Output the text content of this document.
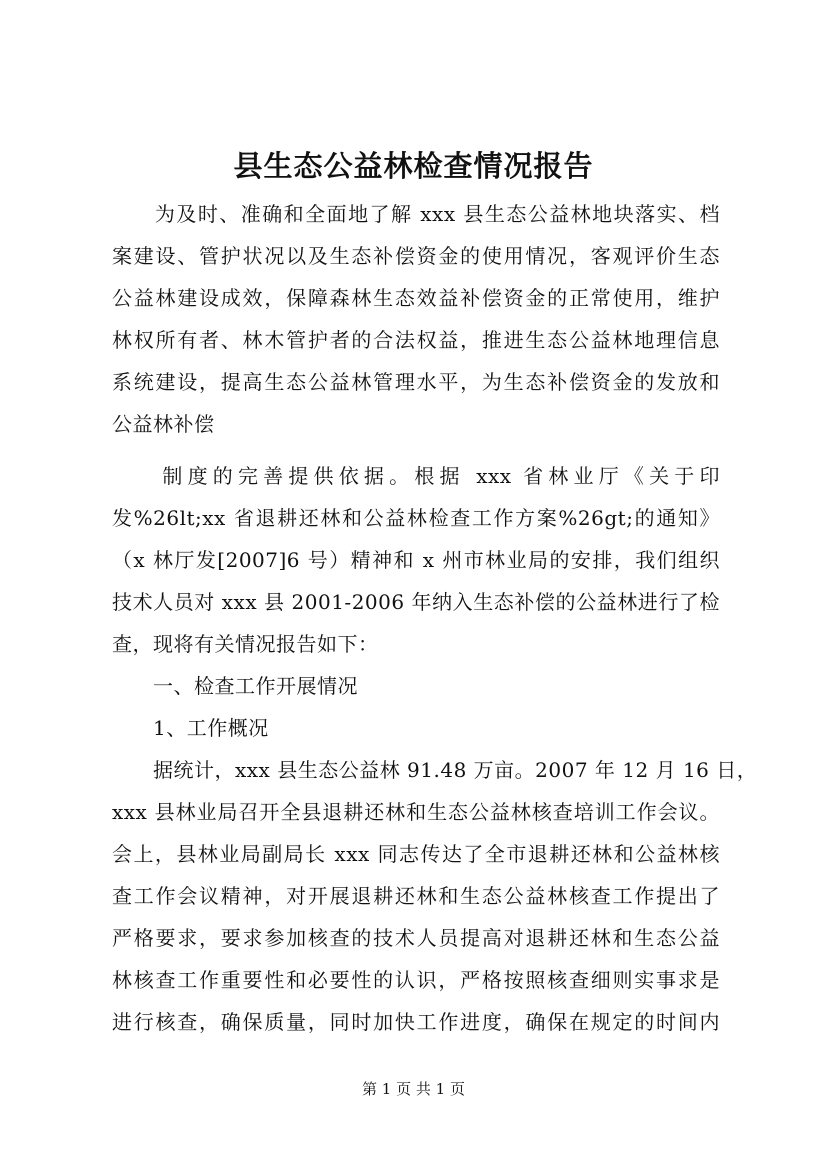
县生态公益林检查情况报告
　　为及时、准确和全面地了解 xxx 县生态公益林地块落实、档
案建设、管护状况以及生态补偿资金的使用情况，客观评价生态
公益林建设成效，保障森林生态效益补偿资金的正常使用，维护
林权所有者、林木管护者的合法权益，推进生态公益林地理信息
系统建设，提高生态公益林管理水平，为生态补偿资金的发放和
公益林补偿
　　制度的完善提供依据。根据 xxx 省林业厅《关于印
发%26lt;xx 省退耕还林和公益林检查工作方案%26gt;的通知》
（x 林厅发[2007]6 号）精神和 x 州市林业局的安排，我们组织
技术人员对 xxx 县 2001-2006 年纳入生态补偿的公益林进行了检
查，现将有关情况报告如下：
　　一、检查工作开展情况
　　1、工作概况
　　据统计，xxx 县生态公益林 91.48 万亩。2007 年 12 月 16 日，
xxx 县林业局召开全县退耕还林和生态公益林核查培训工作会议。
会上，县林业局副局长 xxx 同志传达了全市退耕还林和公益林核
查工作会议精神，对开展退耕还林和生态公益林核查工作提出了
严格要求，要求参加核查的技术人员提高对退耕还林和生态公益
林核查工作重要性和必要性的认识，严格按照核查细则实事求是
进行核查，确保质量，同时加快工作进度，确保在规定的时间内
第 1 页 共 1 页
